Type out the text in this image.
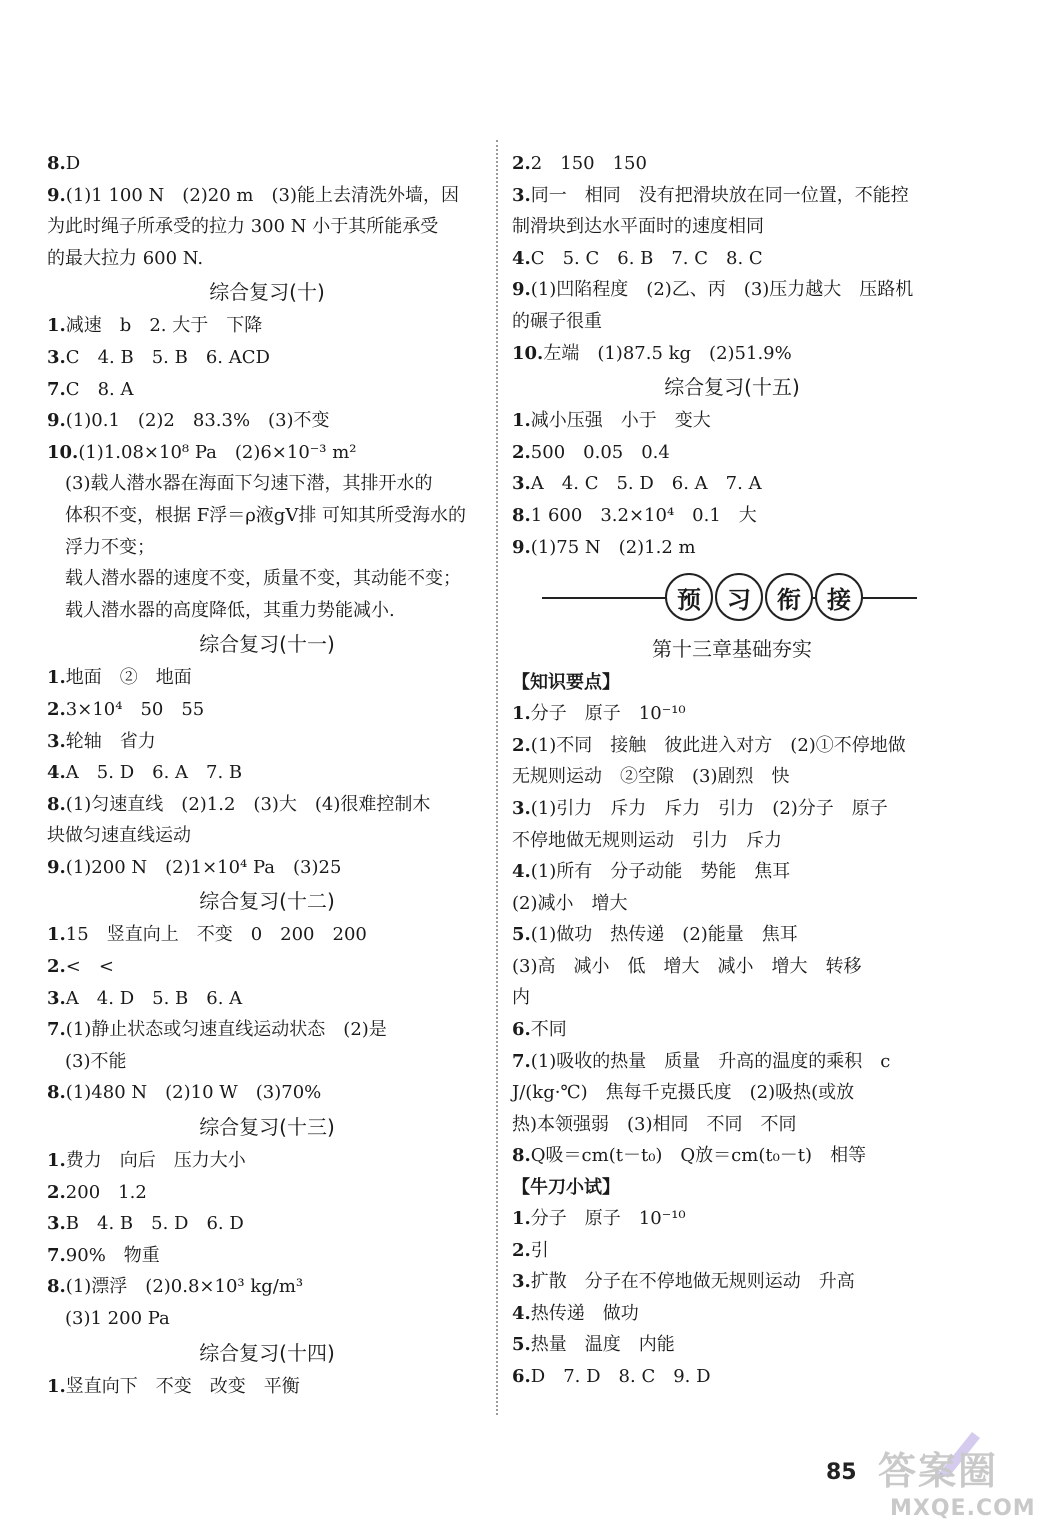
8.D
9.(1)1 100 N　(2)20 m　(3)能上去清洗外墙，因
为此时绳子所承受的拉力 300 N 小于其所能承受
的最大拉力 600 N.
综合复习(十)
1.减速　b　2. 大于　下降
3.C　4. B　5. B　6. ACD
7.C　8. A
9.(1)0.1　(2)2　83.3%　(3)不变
10.(1)1.08×10⁸ Pa　(2)6×10⁻³ m²
　(3)载人潜水器在海面下匀速下潜，其排开水的
　体积不变，根据 F浮＝ρ液gV排 可知其所受海水的
　浮力不变；
　载人潜水器的速度不变，质量不变，其动能不变；
　载人潜水器的高度降低，其重力势能减小.
综合复习(十一)
1.地面　②　地面
2.3×10⁴　50　55
3.轮轴　省力
4.A　5. D　6. A　7. B
8.(1)匀速直线　(2)1.2　(3)大　(4)很难控制木
块做匀速直线运动
9.(1)200 N　(2)1×10⁴ Pa　(3)25
综合复习(十二)
1.15　竖直向上　不变　0　200　200
2.<　<
3.A　4. D　5. B　6. A
7.(1)静止状态或匀速直线运动状态　(2)是
　(3)不能
8.(1)480 N　(2)10 W　(3)70%
综合复习(十三)
1.费力　向后　压力大小
2.200　1.2
3.B　4. B　5. D　6. D
7.90%　物重
8.(1)漂浮　(2)0.8×10³ kg/m³
　(3)1 200 Pa
综合复习(十四)
1.竖直向下　不变　改变　平衡
2.2　150　150
3.同一　相同　没有把滑块放在同一位置，不能控
制滑块到达水平面时的速度相同
4.C　5. C　6. B　7. C　8. C
9.(1)凹陷程度　(2)乙、丙　(3)压力越大　压路机
的碾子很重
10.左端　(1)87.5 kg　(2)51.9%
综合复习(十五)
1.减小压强　小于　变大
2.500　0.05　0.4
3.A　4. C　5. D　6. A　7. A
8.1 600　3.2×10⁴　0.1　大
9.(1)75 N　(2)1.2 m
预	习	衔	接
第十三章基础夯实
【知识要点】
1.分子　原子　10⁻¹⁰
2.(1)不同　接触　彼此进入对方　(2)①不停地做
无规则运动　②空隙　(3)剧烈　快
3.(1)引力　斥力　斥力　引力　(2)分子　原子
不停地做无规则运动　引力　斥力
4.(1)所有　分子动能　势能　焦耳
(2)减小　增大
5.(1)做功　热传递　(2)能量　焦耳
(3)高　减小　低　增大　减小　增大　转移
内
6.不同
7.(1)吸收的热量　质量　升高的温度的乘积　c
J/(kg·℃)　焦每千克摄氏度　(2)吸热(或放
热)本领强弱　(3)相同　不同　不同
8.Q吸＝cm(t－t₀)　Q放＝cm(t₀－t)　相等
【牛刀小试】
1.分子　原子　10⁻¹⁰
2.引
3.扩散　分子在不停地做无规则运动　升高
4.热传递　做功
5.热量　温度　内能
6.D　7. D　8. C　9. D
85 答案圈
MXQE.COM
